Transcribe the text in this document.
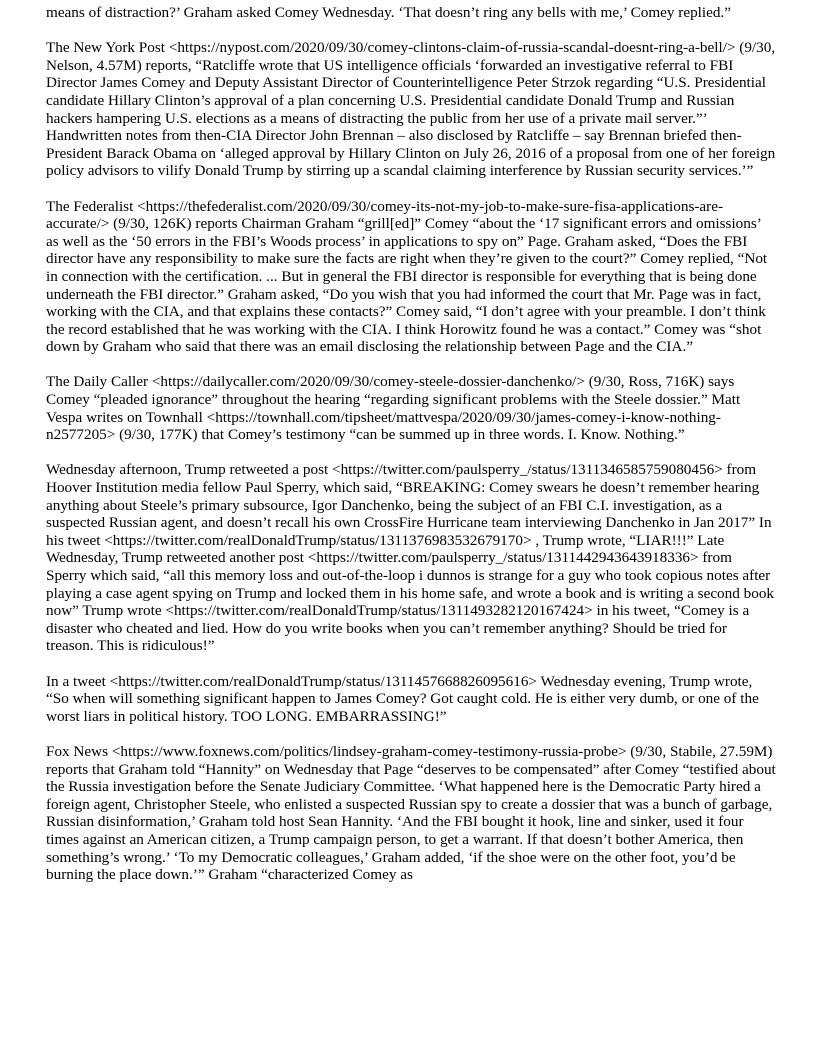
means of distraction?’ Graham asked Comey Wednesday. ‘That doesn’t ring any bells with me,’ Comey replied.”

The New York Post <https://nypost.com/2020/09/30/comey-clintons-claim-of-russia-scandal-doesnt-ring-a-bell/> (9/30, Nelson, 4.57M) reports, “Ratcliffe wrote that US intelligence officials ‘forwarded an investigative referral to FBI Director James Comey and Deputy Assistant Director of Counterintelligence Peter Strzok regarding “U.S. Presidential candidate Hillary Clinton’s approval of a plan concerning U.S. Presidential candidate Donald Trump and Russian hackers hampering U.S. elections as a means of distracting the public from her use of a private mail server.”’ Handwritten notes from then-CIA Director John Brennan – also disclosed by Ratcliffe – say Brennan briefed then-President Barack Obama on ‘alleged approval by Hillary Clinton on July 26, 2016 of a proposal from one of her foreign policy advisors to vilify Donald Trump by stirring up a scandal claiming interference by Russian security services.’”

The Federalist <https://thefederalist.com/2020/09/30/comey-its-not-my-job-to-make-sure-fisa-applications-are-accurate/> (9/30, 126K) reports Chairman Graham “grill[ed]” Comey “about the ‘17 significant errors and omissions’ as well as the ‘50 errors in the FBI’s Woods process’ in applications to spy on” Page. Graham asked, “Does the FBI director have any responsibility to make sure the facts are right when they’re given to the court?” Comey replied, “Not in connection with the certification. ... But in general the FBI director is responsible for everything that is being done underneath the FBI director.” Graham asked, “Do you wish that you had informed the court that Mr. Page was in fact, working with the CIA, and that explains these contacts?” Comey said, “I don’t agree with your preamble. I don’t think the record established that he was working with the CIA. I think Horowitz found he was a contact.” Comey was “shot down by Graham who said that there was an email disclosing the relationship between Page and the CIA.”

The Daily Caller <https://dailycaller.com/2020/09/30/comey-steele-dossier-danchenko/> (9/30, Ross, 716K) says Comey “pleaded ignorance” throughout the hearing “regarding significant problems with the Steele dossier.” Matt Vespa writes on Townhall <https://townhall.com/tipsheet/mattvespa/2020/09/30/james-comey-i-know-nothing-n2577205> (9/30, 177K) that Comey’s testimony “can be summed up in three words. I. Know. Nothing.”

Wednesday afternoon, Trump retweeted a post <https://twitter.com/paulsperry_/status/1311346585759080456> from Hoover Institution media fellow Paul Sperry, which said, “BREAKING: Comey swears he doesn’t remember hearing anything about Steele’s primary subsource, Igor Danchenko, being the subject of an FBI C.I. investigation, as a suspected Russian agent, and doesn’t recall his own CrossFire Hurricane team interviewing Danchenko in Jan 2017” In his tweet <https://twitter.com/realDonaldTrump/status/1311376983532679170> , Trump wrote, “LIAR!!!” Late Wednesday, Trump retweeted another post <https://twitter.com/paulsperry_/status/1311442943643918336> from Sperry which said, “all this memory loss and out-of-the-loop i dunnos is strange for a guy who took copious notes after playing a case agent spying on Trump and locked them in his home safe, and wrote a book and is writing a second book now” Trump wrote <https://twitter.com/realDonaldTrump/status/1311493282120167424> in his tweet, “Comey is a disaster who cheated and lied. How do you write books when you can’t remember anything? Should be tried for treason. This is ridiculous!”

In a tweet <https://twitter.com/realDonaldTrump/status/1311457668826095616> Wednesday evening, Trump wrote, “So when will something significant happen to James Comey? Got caught cold. He is either very dumb, or one of the worst liars in political history. TOO LONG. EMBARRASSING!”

Fox News <https://www.foxnews.com/politics/lindsey-graham-comey-testimony-russia-probe> (9/30, Stabile, 27.59M) reports that Graham told “Hannity” on Wednesday that Page “deserves to be compensated” after Comey “testified about the Russia investigation before the Senate Judiciary Committee. ‘What happened here is the Democratic Party hired a foreign agent, Christopher Steele, who enlisted a suspected Russian spy to create a dossier that was a bunch of garbage, Russian disinformation,’ Graham told host Sean Hannity. ‘And the FBI bought it hook, line and sinker, used it four times against an American citizen, a Trump campaign person, to get a warrant. If that doesn’t bother America, then something’s wrong.’ ‘To my Democratic colleagues,’ Graham added, ‘if the shoe were on the other foot, you’d be burning the place down.’” Graham “characterized Comey as
